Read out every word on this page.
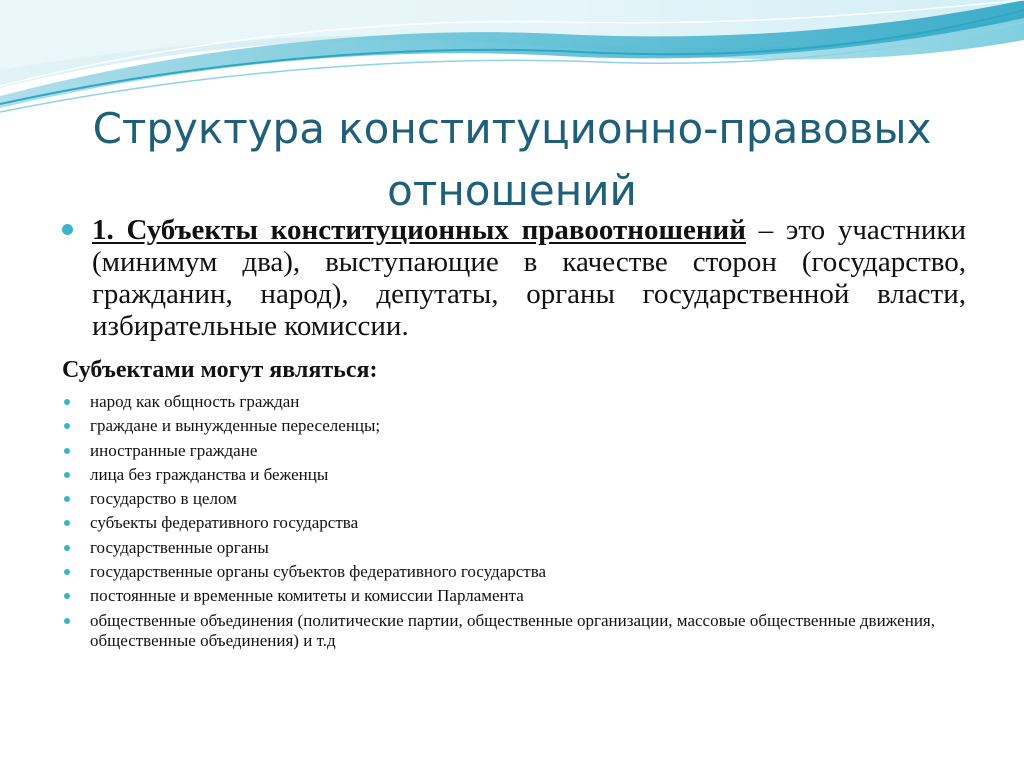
Структура конституционно-правовых отношений
1. Субъекты конституционных правоотношений – это участники (минимум два), выступающие в качестве сторон (государство, гражданин, народ), депутаты, органы государственной власти, избирательные комиссии.
Субъектами могут являться:
народ как общность граждан
граждане и вынужденные переселенцы;
иностранные граждане
лица без гражданства и беженцы
государство в целом
субъекты федеративного государства
государственные органы
государственные органы субъектов федеративного государства
постоянные и временные комитеты и комиссии Парламента
общественные объединения (политические партии, общественные организации, массовые общественные движения, общественные объединения) и т.д
